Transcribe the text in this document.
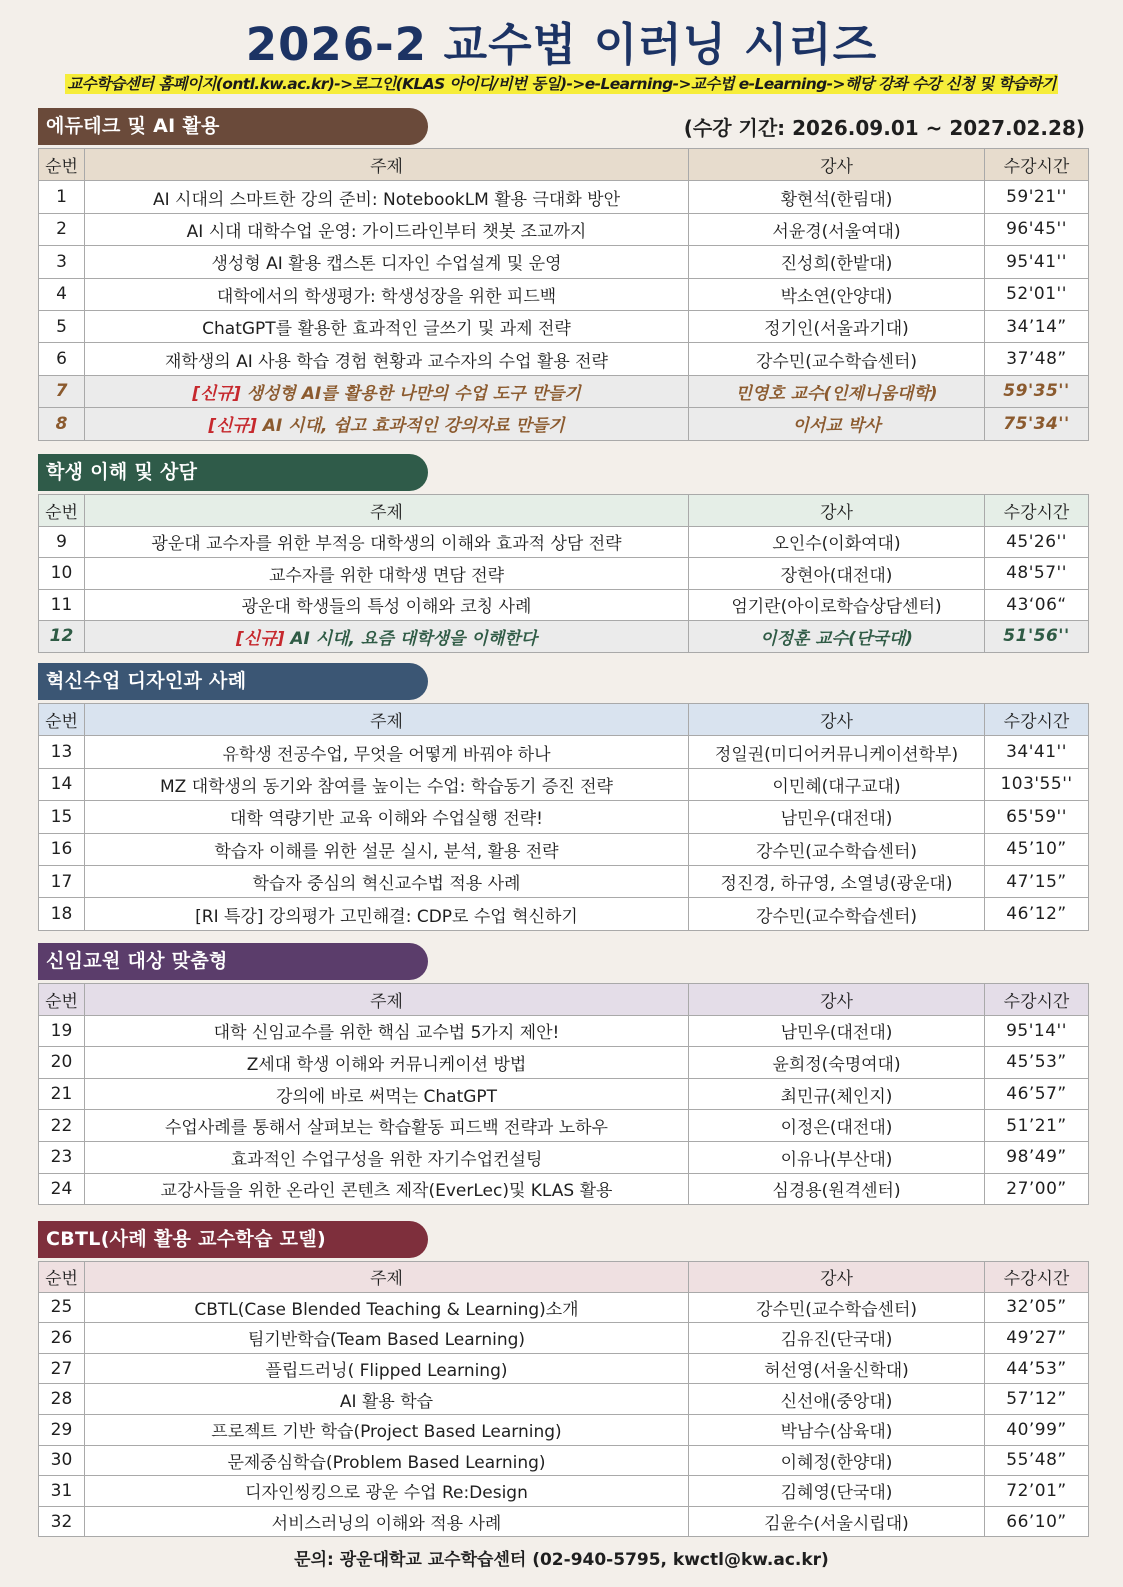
2026-2 교수법 이러닝 시리즈
교수학습센터 홈페이지(ontl.kw.ac.kr)->로그인(KLAS 아이디/비번 동일)->e-Learning->교수법 e-Learning->해당 강좌 수강 신청 및 학습하기
(수강 기간: 2026.09.01 ~ 2027.02.28)
에듀테크 및 AI 활용
순번	주제	강사	수강시간
1	AI 시대의 스마트한 강의 준비: NotebookLM 활용 극대화 방안	황현석(한림대)	59'21''
2	AI 시대 대학수업 운영: 가이드라인부터 챗봇 조교까지	서윤경(서울여대)	96'45''
3	생성형 AI 활용 캡스톤 디자인 수업설계 및 운영	진성희(한밭대)	95'41''
4	대학에서의 학생평가: 학생성장을 위한 피드백	박소연(안양대)	52'01''
5	ChatGPT를 활용한 효과적인 글쓰기 및 과제 전략	정기인(서울과기대)	34’14”
6	재학생의 AI 사용 학습 경험 현황과 교수자의 수업 활용 전략	강수민(교수학습센터)	37’48”
7	[신규] 생성형 AI를 활용한 나만의 수업 도구 만들기	민영호 교수(인제니움대학)	59'35''
8	[신규] AI 시대, 쉽고 효과적인 강의자료 만들기	이서교 박사	75'34''
학생 이해 및 상담
순번	주제	강사	수강시간
9	광운대 교수자를 위한 부적응 대학생의 이해와 효과적 상담 전략	오인수(이화여대)	45'26''
10	교수자를 위한 대학생 면담 전략	장현아(대전대)	48'57''
11	광운대 학생들의 특성 이해와 코칭 사례	엄기란(아이로학습상담센터)	43‘06“
12	[신규] AI 시대, 요즘 대학생을 이해한다	이정훈 교수(단국대)	51'56''
혁신수업 디자인과 사례
순번	주제	강사	수강시간
13	유학생 전공수업, 무엇을 어떻게 바꿔야 하나	정일권(미디어커뮤니케이션학부)	34'41''
14	MZ 대학생의 동기와 참여를 높이는 수업: 학습동기 증진 전략	이민혜(대구교대)	103'55''
15	대학 역량기반 교육 이해와 수업실행 전략!	남민우(대전대)	65'59''
16	학습자 이해를 위한 설문 실시, 분석, 활용 전략	강수민(교수학습센터)	45’10”
17	학습자 중심의 혁신교수법 적용 사례	정진경, 하규영, 소열녕(광운대)	47’15”
18	[RI 특강] 강의평가 고민해결: CDP로 수업 혁신하기	강수민(교수학습센터)	46’12”
신임교원 대상 맞춤형
순번	주제	강사	수강시간
19	대학 신임교수를 위한 핵심 교수법 5가지 제안!	남민우(대전대)	95'14''
20	Z세대 학생 이해와 커뮤니케이션 방법	윤희정(숙명여대)	45’53”
21	강의에 바로 써먹는 ChatGPT	최민규(체인지)	46’57”
22	수업사례를 통해서 살펴보는 학습활동 피드백 전략과 노하우	이정은(대전대)	51’21”
23	효과적인 수업구성을 위한 자기수업컨설팅	이유나(부산대)	98’49”
24	교강사들을 위한 온라인 콘텐츠 제작(EverLec)및 KLAS 활용	심경용(원격센터)	27’00”
CBTL(사례 활용 교수학습 모델)
순번	주제	강사	수강시간
25	CBTL(Case Blended Teaching & Learning)소개	강수민(교수학습센터)	32’05”
26	팀기반학습(Team Based Learning)	김유진(단국대)	49’27”
27	플립드러닝( Flipped Learning)	허선영(서울신학대)	44’53”
28	AI 활용 학습	신선애(중앙대)	57’12”
29	프로젝트 기반 학습(Project Based Learning)	박남수(삼육대)	40’99”
30	문제중심학습(Problem Based Learning)	이혜정(한양대)	55’48”
31	디자인씽킹으로 광운 수업 Re:Design	김혜영(단국대)	72’01”
32	서비스러닝의 이해와 적용 사례	김윤수(서울시립대)	66’10”
문의: 광운대학교 교수학습센터 (02-940-5795, kwctl@kw.ac.kr)
